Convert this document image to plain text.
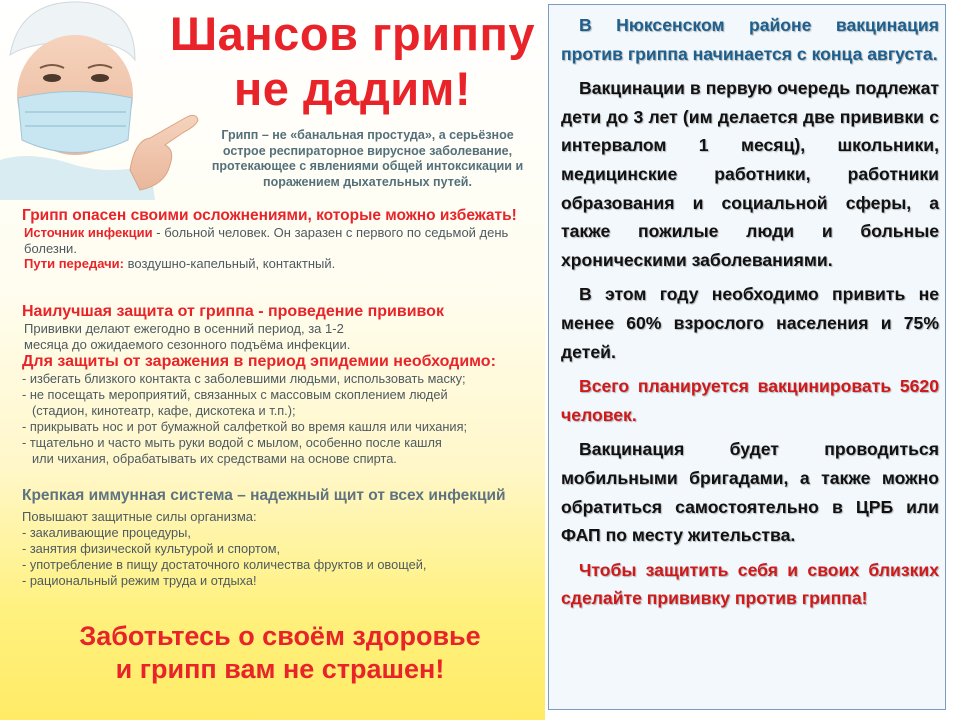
Шансов гриппу
не дадим!
Грипп – не «банальная простуда», а серьёзное острое респираторное вирусное заболевание, протекающее с явлениями общей интоксикации и поражением дыхательных путей.
Грипп опасен своими осложнениями, которые можно избежать!
Источник инфекции - больной человек. Он заразен с первого по седьмой день болезни.
Пути передачи: воздушно-капельный, контактный.
Наилучшая защита от гриппа - проведение прививок
Прививки делают ежегодно в осенний период, за 1-2 месяца до ожидаемого сезонного подъёма инфекции.
Для защиты от заражения в период эпидемии необходимо:
- избегать близкого контакта с заболевшими людьми, использовать маску;
- не посещать мероприятий, связанных с массовым скоплением людей
(стадион, кинотеатр, кафе, дискотека и т.п.);
- прикрывать нос и рот бумажной салфеткой во время кашля или чихания;
- тщательно и часто мыть руки водой с мылом, особенно после кашля
или чихания, обрабатывать их средствами на основе спирта.
Крепкая иммунная система – надежный щит от всех инфекций
Повышают защитные силы организма:
- закаливающие процедуры,
- занятия физической культурой и спортом,
- употребление в пищу достаточного количества фруктов и овощей,
- рациональный режим труда и отдыха!
Заботьтесь о своём здоровье
и грипп вам не страшен!

В Нюксенском районе вакцинация против гриппа начинается с конца августа.

Вакцинации в первую очередь подлежат дети до 3 лет (им делается две прививки с интервалом 1 месяц), школьники, медицинские работники, работники образования и социальной сферы, а также пожилые люди и больные хроническими заболеваниями.

В этом году необходимо привить не менее 60% взрослого населения и 75% детей.

Всего планируется вакцинировать 5620 человек.

Вакцинация будет проводиться мобильными бригадами, а также можно обратиться самостоятельно в ЦРБ или ФАП по месту жительства.

Чтобы защитить себя и своих близких сделайте прививку против гриппа!
